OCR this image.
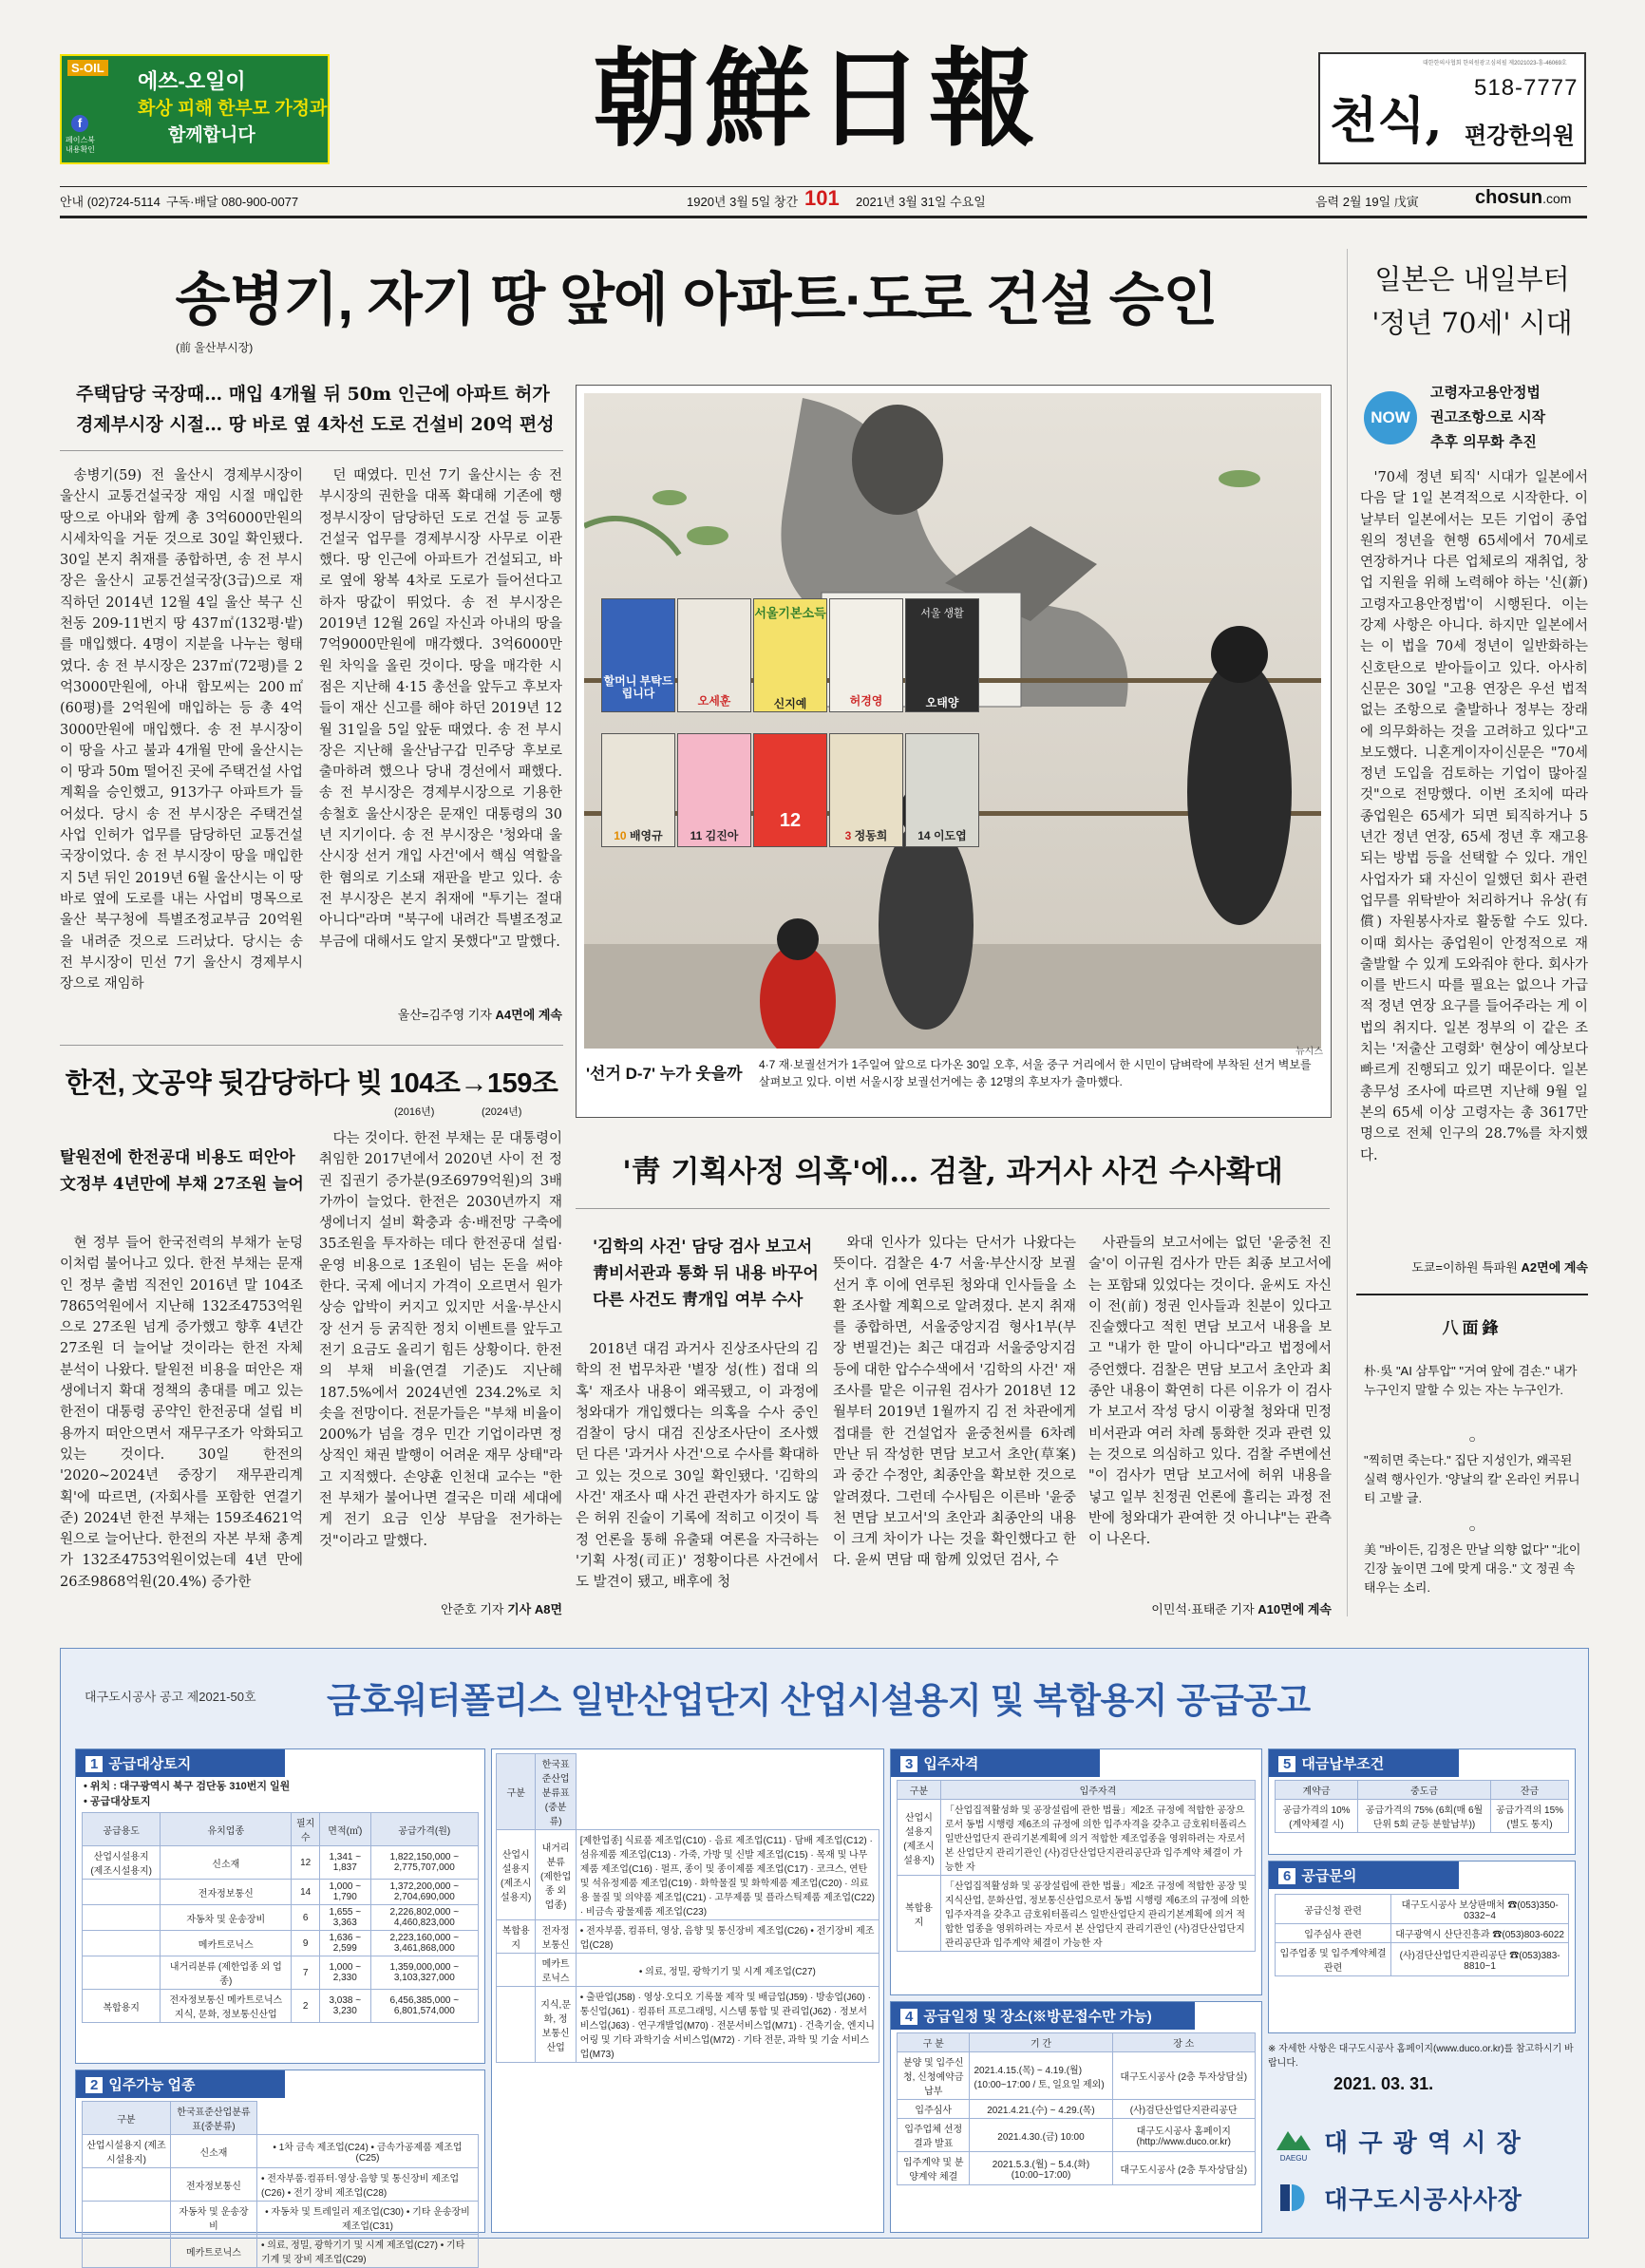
S-OIL
에쓰-오일이
화상 피해 한부모 가정과
함께합니다
f
페이스북 내용확인	朝鮮日報	대한한의사협회 한의원광고심의필 제2021023-흥-46069호
천식,
518-7777
편강한의원
안내 (02)724-5114 구독·배달 080-900-0077	1920년 3월 5일 창간 101 2021년 3월 31일 수요일	음력 2월 19일 戊寅	chosun.com
송병기, 자기 땅 앞에 아파트·도로 건설 승인
(前 울산부시장)
주택담당 국장때… 매입 4개월 뒤 50m 인근에 아파트 허가
경제부시장 시절… 땅 바로 옆 4차선 도로 건설비 20억 편성

송병기(59) 전 울산시 경제부시장이 울산시 교통건설국장 재임 시절 매입한 땅으로 아내와 함께 총 3억6000만원의 시세차익을 거둔 것으로 30일 확인됐다. 30일 본지 취재를 종합하면, 송 전 부시장은 울산시 교통건설국장(3급)으로 재직하던 2014년 12월 4일 울산 북구 신천동 209-11번지 땅 437㎡(132평·밭)를 매입했다. 4명이 지분을 나누는 형태였다. 송 전 부시장은 237㎡(72평)를 2억3000만원에, 아내 함모씨는 200㎡(60평)를 2억원에 매입하는 등 총 4억3000만원에 매입했다. 송 전 부시장이 이 땅을 사고 불과 4개월 만에 울산시는 이 땅과 50m 떨어진 곳에 주택건설 사업계획을 승인했고, 913가구 아파트가 들어섰다. 당시 송 전 부시장은 주택건설 사업 인허가 업무를 담당하던 교통건설국장이었다. 송 전 부시장이 땅을 매입한 지 5년 뒤인 2019년 6월 울산시는 이 땅 바로 옆에 도로를 내는 사업비 명목으로 울산 북구청에 특별조정교부금 20억원을 내려준 것으로 드러났다. 당시는 송 전 부시장이 민선 7기 울산시 경제부시장으로 재임하

던 때였다. 민선 7기 울산시는 송 전 부시장의 권한을 대폭 확대해 기존에 행정부시장이 담당하던 도로 건설 등 교통건설국 업무를 경제부시장 사무로 이관했다. 땅 인근에 아파트가 건설되고, 바로 옆에 왕복 4차로 도로가 들어선다고 하자 땅값이 뛰었다. 송 전 부시장은 2019년 12월 26일 자신과 아내의 땅을 7억9000만원에 매각했다. 3억6000만원 차익을 올린 것이다. 땅을 매각한 시점은 지난해 4·15 총선을 앞두고 후보자들이 재산 신고를 해야 하던 2019년 12월 31일을 5일 앞둔 때였다. 송 전 부시장은 지난해 울산남구갑 민주당 후보로 출마하려 했으나 당내 경선에서 패했다. 송 전 부시장은 경제부시장으로 기용한 송철호 울산시장은 문재인 대통령의 30년 지기이다. 송 전 부시장은 '청와대 울산시장 선거 개입 사건'에서 핵심 역할을 한 혐의로 기소돼 재판을 받고 있다. 송 전 부시장은 본지 취재에 "투기는 절대 아니다"라며 "북구에 내려간 특별조정교부금에 대해서도 알지 못했다"고 말했다.

울산=김주영 기자 A4면에 계속
할머니 부탁드립니다
오세훈
서울기본소득
신지예	허경영
서울 생활
오태양
10 배영규	11 김진아
12
3 정동희	14 이도엽
뉴시스
'선거 D-7' 누가 웃을까 4·7 재·보궐선거가 1주일여 앞으로 다가온 30일 오후, 서울 중구 거리에서 한 시민이 담벼락에 부착된 선거 벽보를 살펴보고 있다. 이번 서울시장 보궐선거에는 총 12명의 후보자가 출마했다.
한전, 文공약 뒷감당하다 빚 104조→159조
(2016년)	(2024년)
탈원전에 한전공대 비용도 떠안아
文정부 4년만에 부채 27조원 늘어

현 정부 들어 한국전력의 부채가 눈덩이처럼 불어나고 있다. 한전 부채는 문재인 정부 출범 직전인 2016년 말 104조7865억원에서 지난해 132조4753억원으로 27조원 넘게 증가했고 향후 4년간 27조원 더 늘어날 것이라는 한전 자체 분석이 나왔다. 탈원전 비용을 떠안은 재생에너지 확대 정책의 총대를 메고 있는 한전이 대통령 공약인 한전공대 설립 비용까지 떠안으면서 재무구조가 악화되고 있는 것이다. 30일 한전의 '2020~2024년 중장기 재무관리계획'에 따르면, (자회사를 포함한 연결기준) 2024년 한전 부채는 159조4621억원으로 늘어난다. 한전의 자본 부채 총계가 132조4753억원이었는데 4년 만에 26조9868억원(20.4%) 증가한

다는 것이다. 한전 부채는 문 대통령이 취임한 2017년에서 2020년 사이 전 정권 집권기 증가분(9조6979억원)의 3배가까이 늘었다. 한전은 2030년까지 재생에너지 설비 확충과 송·배전망 구축에 35조원을 투자하는 데다 한전공대 설립·운영 비용으로 1조원이 넘는 돈을 써야 한다. 국제 에너지 가격이 오르면서 원가 상승 압박이 커지고 있지만 서울·부산시장 선거 등 굵직한 정치 이벤트를 앞두고 전기 요금도 올리기 힘든 상황이다. 한전의 부채 비율(연결 기준)도 지난해 187.5%에서 2024년엔 234.2%로 치솟을 전망이다. 전문가들은 "부채 비율이 200%가 넘을 경우 민간 기업이라면 정상적인 채권 발행이 어려운 재무 상태"라고 지적했다. 손양훈 인천대 교수는 "한전 부채가 불어나면 결국은 미래 세대에게 전기 요금 인상 부담을 전가하는 것"이라고 말했다.

안준호 기자 기사 A8면
'靑 기획사정 의혹'에… 검찰, 과거사 사건 수사확대
'김학의 사건' 담당 검사 보고서
靑비서관과 통화 뒤 내용 바꾸어
다른 사건도 靑개입 여부 수사

2018년 대검 과거사 진상조사단의 김학의 전 법무차관 '별장 성(性) 접대 의혹' 재조사 내용이 왜곡됐고, 이 과정에 청와대가 개입했다는 의혹을 수사 중인 검찰이 당시 대검 진상조사단이 조사했던 다른 '과거사 사건'으로 수사를 확대하고 있는 것으로 30일 확인됐다. '김학의 사건' 재조사 때 사건 관련자가 하지도 않은 허위 진술이 기록에 적히고 이것이 특정 언론을 통해 유출돼 여론을 자극하는 '기획 사정(司正)' 정황이다른 사건에서도 발견이 됐고, 배후에 청

와대 인사가 있다는 단서가 나왔다는 뜻이다. 검찰은 4·7 서울·부산시장 보궐선거 후 이에 연루된 청와대 인사들을 소환 조사할 계획으로 알려졌다. 본지 취재를 종합하면, 서울중앙지검 형사1부(부장 변필건)는 최근 대검과 서울중앙지검 등에 대한 압수수색에서 '김학의 사건' 재조사를 맡은 이규원 검사가 2018년 12월부터 2019년 1월까지 김 전 차관에게 접대를 한 건설업자 윤중천씨를 6차례 만난 뒤 작성한 면담 보고서 초안(草案)과 중간 수정안, 최종안을 확보한 것으로 알려졌다. 그런데 수사팀은 이른바 '윤중천 면담 보고서'의 초안과 최종안의 내용이 크게 차이가 나는 것을 확인했다고 한다. 윤씨 면담 때 함께 있었던 검사, 수

사관들의 보고서에는 없던 '윤중천 진술'이 이규원 검사가 만든 최종 보고서에는 포함돼 있었다는 것이다. 윤씨도 자신이 전(前) 정권 인사들과 친분이 있다고 진술했다고 적힌 면담 보고서 내용을 보고 "내가 한 말이 아니다"라고 법정에서 증언했다. 검찰은 면담 보고서 초안과 최종안 내용이 확연히 다른 이유가 이 검사가 보고서 작성 당시 이광철 청와대 민정비서관과 여러 차례 통화한 것과 관련 있는 것으로 의심하고 있다. 검찰 주변에선 "이 검사가 면담 보고서에 허위 내용을 넣고 일부 친정권 언론에 흘리는 과정 전반에 청와대가 관여한 것 아니냐"는 관측이 나온다.

이민석·표태준 기자 A10면에 계속
일본은 내일부터
'정년 70세' 시대
NOW
고령자고용안정법
권고조항으로 시작
추후 의무화 추진

'70세 정년 퇴직' 시대가 일본에서 다음 달 1일 본격적으로 시작한다. 이날부터 일본에서는 모든 기업이 종업원의 정년을 현행 65세에서 70세로 연장하거나 다른 업체로의 재취업, 창업 지원을 위해 노력해야 하는 '신(新)고령자고용안정법'이 시행된다. 이는 강제 사항은 아니다. 하지만 일본에서는 이 법을 70세 정년이 일반화하는 신호탄으로 받아들이고 있다. 아사히신문은 30일 "고용 연장은 우선 법적 없는 조항으로 출발하나 정부는 장래에 의무화하는 것을 고려하고 있다"고 보도했다. 니혼게이자이신문은 "70세 정년 도입을 검토하는 기업이 많아질 것"으로 전망했다. 이번 조치에 따라 종업원은 65세가 되면 퇴직하거나 5년간 정년 연장, 65세 정년 후 재고용되는 방법 등을 선택할 수 있다. 개인사업자가 돼 자신이 일했던 회사 관련 업무를 위탁받아 처리하거나 유상(有償) 자원봉사자로 활동할 수도 있다. 이때 회사는 종업원이 안정적으로 재출발할 수 있게 도와줘야 한다. 회사가 이를 반드시 따를 필요는 없으나 가급적 정년 연장 요구를 들어주라는 게 이 법의 취지다. 일본 정부의 이 같은 조치는 '저출산 고령화' 현상이 예상보다 빠르게 진행되고 있기 때문이다. 일본 총무성 조사에 따르면 지난해 9월 일본의 65세 이상 고령자는 총 3617만명으로 전체 인구의 28.7%를 차지했다.

도쿄=이하원 특파원 A2면에 계속
八面鋒
朴·吳 "AI 삼투압" "거여 앞에 겸손." 내가 누구인지 말할 수 있는 자는 누구인가.
○
"찍히면 죽는다." 집단 지성인가, 왜곡된 실력 행사인가. '양날의 칼' 온라인 커뮤니티 고발 글.
○
美 "바이든, 김정은 만날 의향 없다" "北이 긴장 높이면 그에 맞게 대응." 文 정권 속 태우는 소리.
대구도시공사 공고 제2021-50호 금호워터폴리스 일반산업단지 산업시설용지 및 복합용지 공급공고
1 공급대상토지
• 위치 : 대구광역시 북구 검단동 310번지 일원
• 공급대상토지
공급용도	유치업종	필지수	면적(㎡)	공급가격(원)
산업시설용지 (제조시설용지)	신소재	12	1,341 ~ 1,837	1,822,150,000 ~ 2,775,707,000
	전자정보통신	14	1,000 ~ 1,790	1,372,200,000 ~ 2,704,690,000
	자동차 및 운송장비	6	1,655 ~ 3,363	2,226,802,000 ~ 4,460,823,000
	메카트로닉스	9	1,636 ~ 2,599	2,223,160,000 ~ 3,461,868,000
	내거리분류 (제한업종 외 업종)	7	1,000 ~ 2,330	1,359,000,000 ~ 3,103,327,000
복합용지	전자정보통신 메카트로닉스 지식, 문화, 정보통신산업	2	3,038 ~ 3,230	6,456,385,000 ~ 6,801,574,000
2 입주가능 업종
구분	한국표준산업분류표(중분류)	
산업시설용지 (제조시설용지)	신소재	• 1차 금속 제조업(C24) • 금속가공제품 제조업(C25)
	전자정보통신	• 전자부품·컴퓨터·영상·음향 및 통신장비 제조업(C26) • 전기 장비 제조업(C28)
	자동차 및 운송장비	• 자동차 및 트레일러 제조업(C30) • 기타 운송장비 제조업(C31)
	메카트로닉스	• 의료, 정밀, 광학기기 및 시계 제조업(C27) • 기타 기계 및 장비 제조업(C29)
구분	한국표준산업분류표(중분류)	
산업시설용지 (제조시설용지)	내거리분류 (제한업종 외 업종)	[제한업종] 식료품 제조업(C10) · 음료 제조업(C11) · 담배 제조업(C12) · 섬유제품 제조업(C13) · 가죽, 가방 및 신발 제조업(C15) · 목재 및 나무제품 제조업(C16) · 펄프, 종이 및 종이제품 제조업(C17) · 코크스, 연탄 및 석유정제품 제조업(C19) · 화학물질 및 화학제품 제조업(C20) · 의료용 물질 및 의약품 제조업(C21) · 고무제품 및 플라스틱제품 제조업(C22) · 비금속 광물제품 제조업(C23)
복합용지	전자정보통신	• 전자부품, 컴퓨터, 영상, 음향 및 통신장비 제조업(C26) • 전기장비 제조업(C28)
	메카트로닉스	• 의료, 정밀, 광학기기 및 시계 제조업(C27)
	지식,문화, 정보통신산업	• 출판업(J58) · 영상·오디오 기록물 제작 및 배급업(J59) · 방송업(J60) · 통신업(J61) · 컴퓨터 프로그래밍, 시스템 통합 및 관리업(J62) · 정보서비스업(J63) · 연구개발업(M70) · 전문서비스업(M71) · 건축기술, 엔지니어링 및 기타 과학기술 서비스업(M72) · 기타 전문, 과학 및 기술 서비스업(M73)
3 입주자격
구분	입주자격
산업시설용지 (제조시설용지)	「산업집적활성화 및 공장설립에 관한 법률」제2조 규정에 적합한 공장으로서 동법 시행령 제6조의 규정에 의한 입주자격을 갖추고 금호워터폴리스 일반산업단지 관리기본계획에 의거 적합한 제조업종을 영위하려는 자로서 본 산업단지 관리기관인 (사)검단산업단지관리공단과 입주계약 체결이 가능한 자
복합용지	「산업집적활성화 및 공장설립에 관한 법률」제2조 규정에 적합한 공장 및 지식산업, 문화산업, 정보통신산업으로서 동법 시행령 제6조의 규정에 의한 입주자격을 갖추고 금호워터폴리스 일반산업단지 관리기본계획에 의거 적합한 업종을 영위하려는 자로서 본 산업단지 관리기관인 (사)검단산업단지관리공단과 입주계약 체결이 가능한 자
4 공급일정 및 장소(※방문접수만 가능)
구 분	기 간	장 소
분양 및 입주신청, 신청예약금납부	2021.4.15.(목) ~ 4.19.(월) (10:00~17:00 / 토, 일요일 제외)	대구도시공사 (2층 투자상담실)
입주심사	2021.4.21.(수) ~ 4.29.(목)	(사)검단산업단지관리공단
입주업체 선정결과 발표	2021.4.30.(금) 10:00	대구도시공사 홈페이지 (http://www.duco.or.kr)
입주계약 및 분양계약 체결	2021.5.3.(월) ~ 5.4.(화) (10:00~17:00)	대구도시공사 (2층 투자상담실)
5 대금납부조건
계약금	중도금	잔금
공급가격의 10% (계약체결 시)	공급가격의 75% (6회(매 6월 단위 5회 균등 분할납부))	공급가격의 15% (별도 통지)
6 공급문의
공급신청 관련	대구도시공사 보상판매처 ☎(053)350-0332~4
입주심사 관련	대구광역시 산단진흥과 ☎(053)803-6022
입주업종 및 입주계약체결 관련	(사)검단산업단지관리공단 ☎(053)383-8810~1
※ 자세한 사항은 대구도시공사 홈페이지(www.duco.or.kr)를 참고하시기 바랍니다.
2021. 03. 31.
DAEGU
대 구 광 역 시 장
대구도시공사사장
